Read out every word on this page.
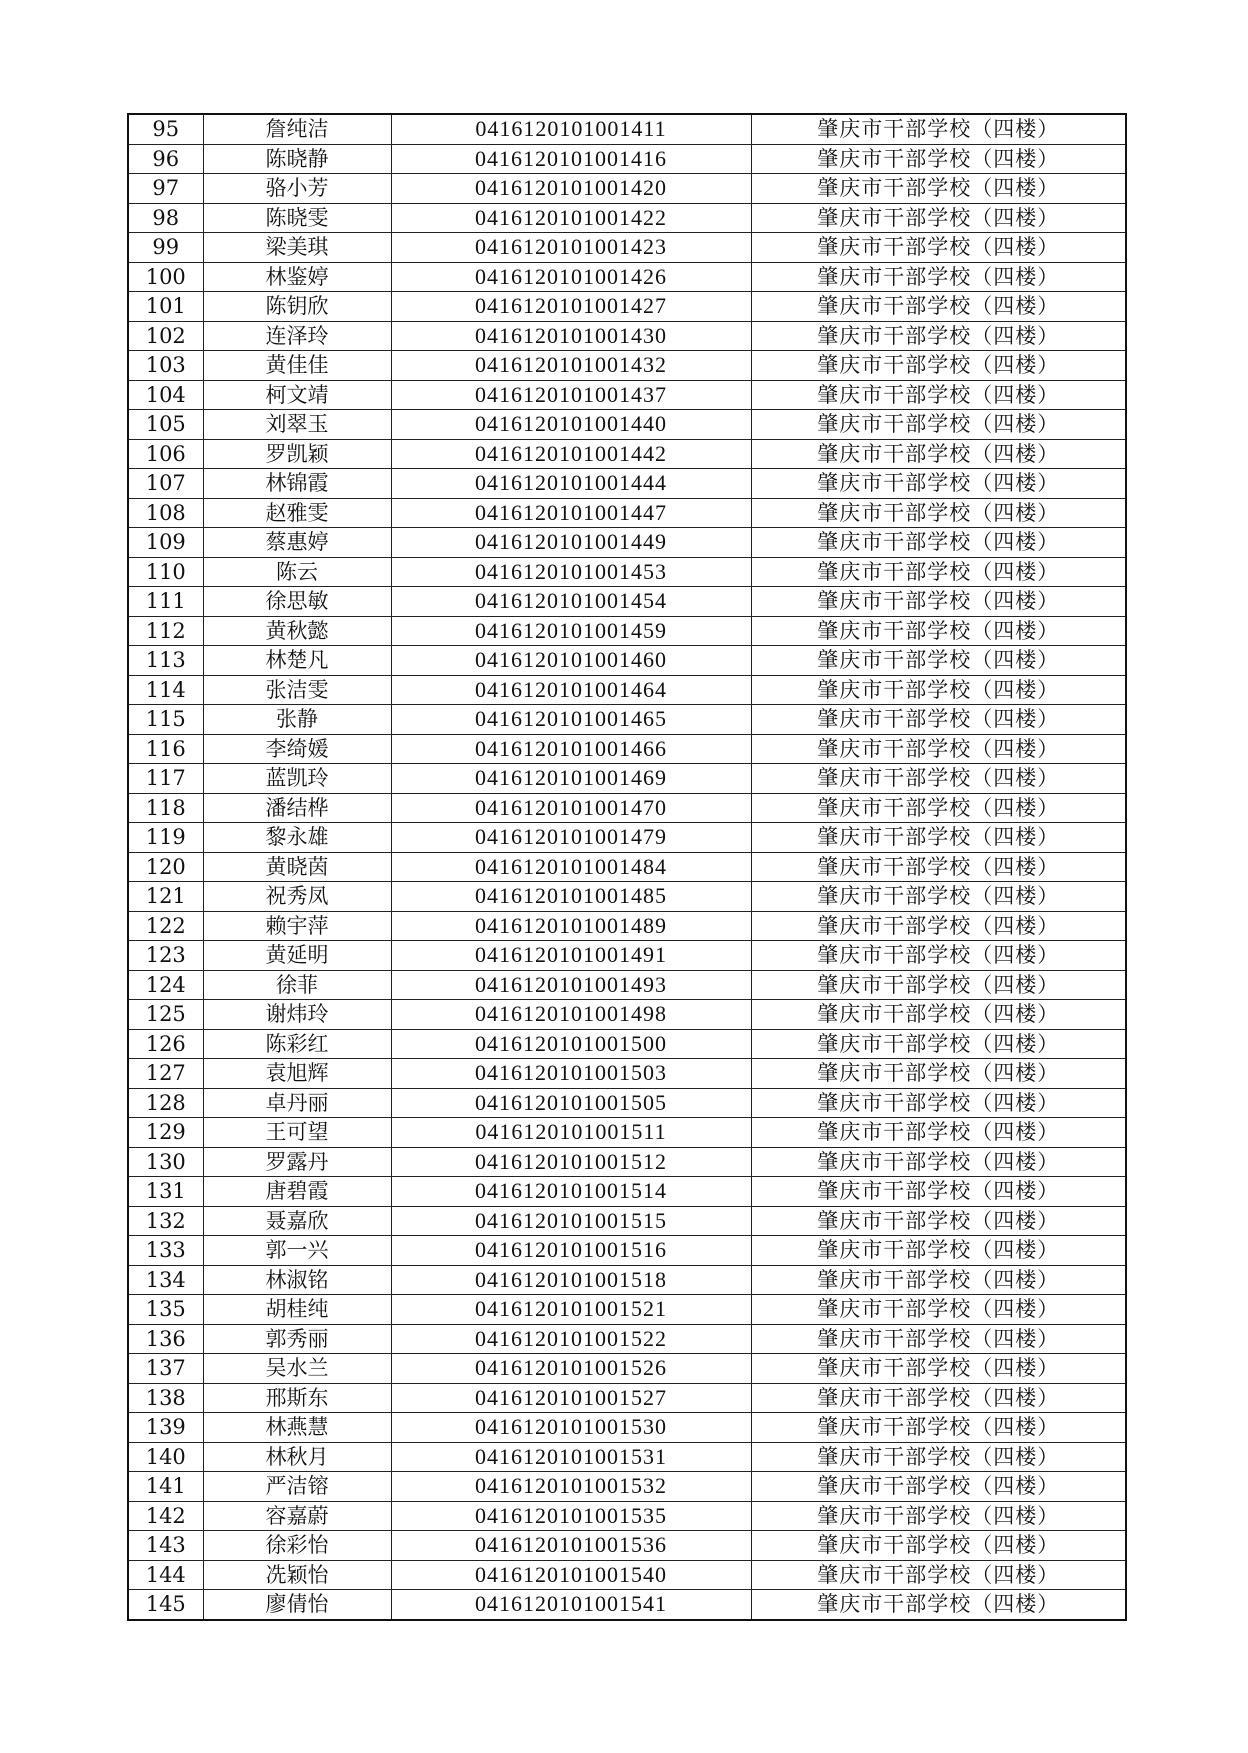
95	詹纯洁	0416120101001411	肇庆市干部学校（四楼）
96	陈晓静	0416120101001416	肇庆市干部学校（四楼）
97	骆小芳	0416120101001420	肇庆市干部学校（四楼）
98	陈晓雯	0416120101001422	肇庆市干部学校（四楼）
99	梁美琪	0416120101001423	肇庆市干部学校（四楼）
100	林鉴婷	0416120101001426	肇庆市干部学校（四楼）
101	陈钥欣	0416120101001427	肇庆市干部学校（四楼）
102	连泽玲	0416120101001430	肇庆市干部学校（四楼）
103	黄佳佳	0416120101001432	肇庆市干部学校（四楼）
104	柯文靖	0416120101001437	肇庆市干部学校（四楼）
105	刘翠玉	0416120101001440	肇庆市干部学校（四楼）
106	罗凯颖	0416120101001442	肇庆市干部学校（四楼）
107	林锦霞	0416120101001444	肇庆市干部学校（四楼）
108	赵雅雯	0416120101001447	肇庆市干部学校（四楼）
109	蔡惠婷	0416120101001449	肇庆市干部学校（四楼）
110	陈云	0416120101001453	肇庆市干部学校（四楼）
111	徐思敏	0416120101001454	肇庆市干部学校（四楼）
112	黄秋懿	0416120101001459	肇庆市干部学校（四楼）
113	林楚凡	0416120101001460	肇庆市干部学校（四楼）
114	张洁雯	0416120101001464	肇庆市干部学校（四楼）
115	张静	0416120101001465	肇庆市干部学校（四楼）
116	李绮媛	0416120101001466	肇庆市干部学校（四楼）
117	蓝凯玲	0416120101001469	肇庆市干部学校（四楼）
118	潘结桦	0416120101001470	肇庆市干部学校（四楼）
119	黎永雄	0416120101001479	肇庆市干部学校（四楼）
120	黄晓茵	0416120101001484	肇庆市干部学校（四楼）
121	祝秀凤	0416120101001485	肇庆市干部学校（四楼）
122	赖宇萍	0416120101001489	肇庆市干部学校（四楼）
123	黄延明	0416120101001491	肇庆市干部学校（四楼）
124	徐菲	0416120101001493	肇庆市干部学校（四楼）
125	谢炜玲	0416120101001498	肇庆市干部学校（四楼）
126	陈彩红	0416120101001500	肇庆市干部学校（四楼）
127	袁旭辉	0416120101001503	肇庆市干部学校（四楼）
128	卓丹丽	0416120101001505	肇庆市干部学校（四楼）
129	王可望	0416120101001511	肇庆市干部学校（四楼）
130	罗露丹	0416120101001512	肇庆市干部学校（四楼）
131	唐碧霞	0416120101001514	肇庆市干部学校（四楼）
132	聂嘉欣	0416120101001515	肇庆市干部学校（四楼）
133	郭一兴	0416120101001516	肇庆市干部学校（四楼）
134	林淑铭	0416120101001518	肇庆市干部学校（四楼）
135	胡桂纯	0416120101001521	肇庆市干部学校（四楼）
136	郭秀丽	0416120101001522	肇庆市干部学校（四楼）
137	吴水兰	0416120101001526	肇庆市干部学校（四楼）
138	邢斯东	0416120101001527	肇庆市干部学校（四楼）
139	林燕慧	0416120101001530	肇庆市干部学校（四楼）
140	林秋月	0416120101001531	肇庆市干部学校（四楼）
141	严洁镕	0416120101001532	肇庆市干部学校（四楼）
142	容嘉蔚	0416120101001535	肇庆市干部学校（四楼）
143	徐彩怡	0416120101001536	肇庆市干部学校（四楼）
144	冼颖怡	0416120101001540	肇庆市干部学校（四楼）
145	廖倩怡	0416120101001541	肇庆市干部学校（四楼）
